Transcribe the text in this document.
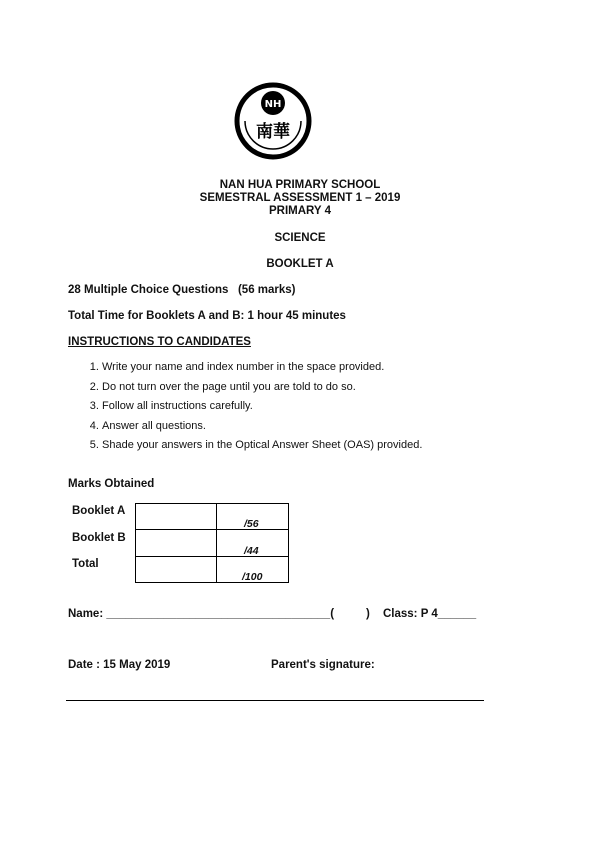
NH
南華
NAN HUA PRIMARY SCHOOL
SEMESTRAL ASSESSMENT 1 – 2019
PRIMARY 4
SCIENCE
BOOKLET A
28 Multiple Choice Questions   (56 marks)
Total Time for Booklets A and B: 1 hour 45 minutes
INSTRUCTIONS TO CANDIDATES
1. Write your name and index number in the space provided.
2. Do not turn over the page until you are told to do so.
3. Follow all instructions carefully.
4. Answer all questions.
5. Shade your answers in the Optical Answer Sheet (OAS) provided.
Marks Obtained
Booklet A
Booklet B
Total
/56
/44
/100
Name: ___________________________________(          ) Class: P 4______
Date : 15 May 2019	Parent's signature:
